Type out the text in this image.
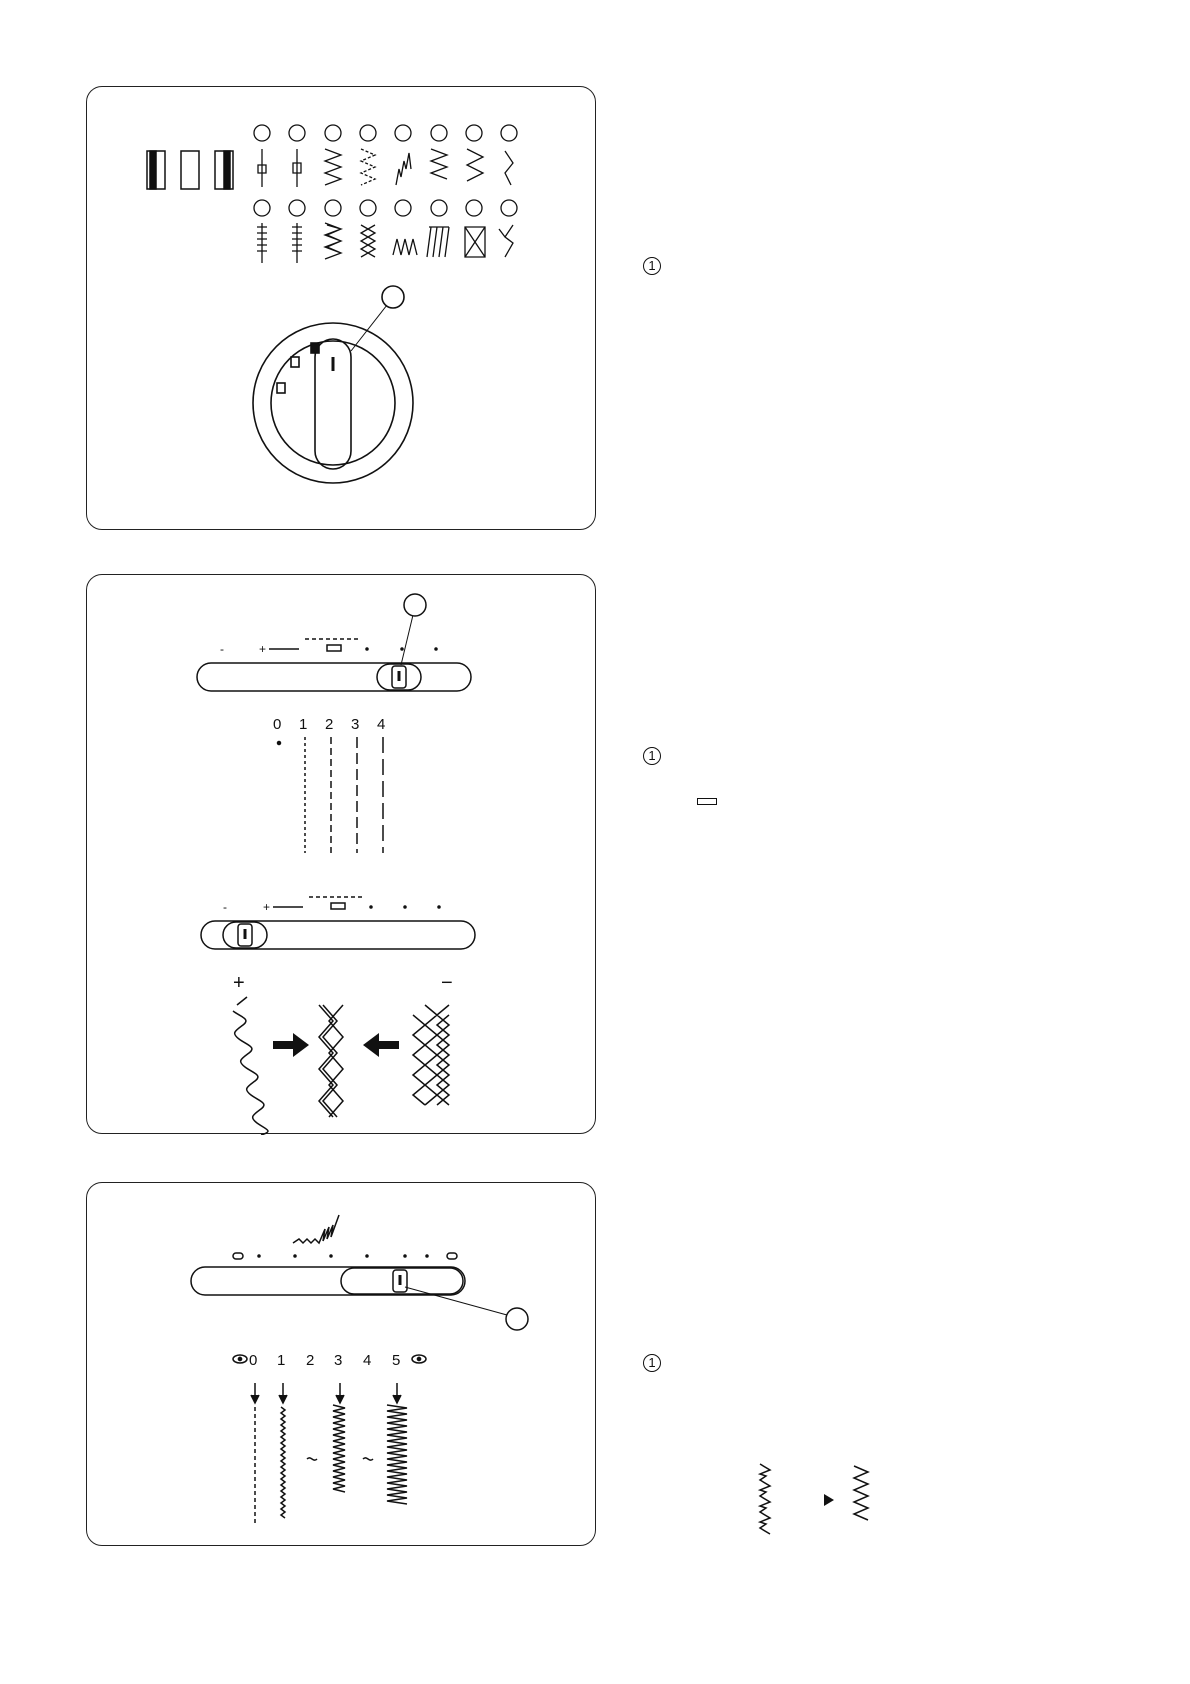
1
-	+
-	+
0 1 2 3 4
+	−
1
0 1 2 3 4 5	1
